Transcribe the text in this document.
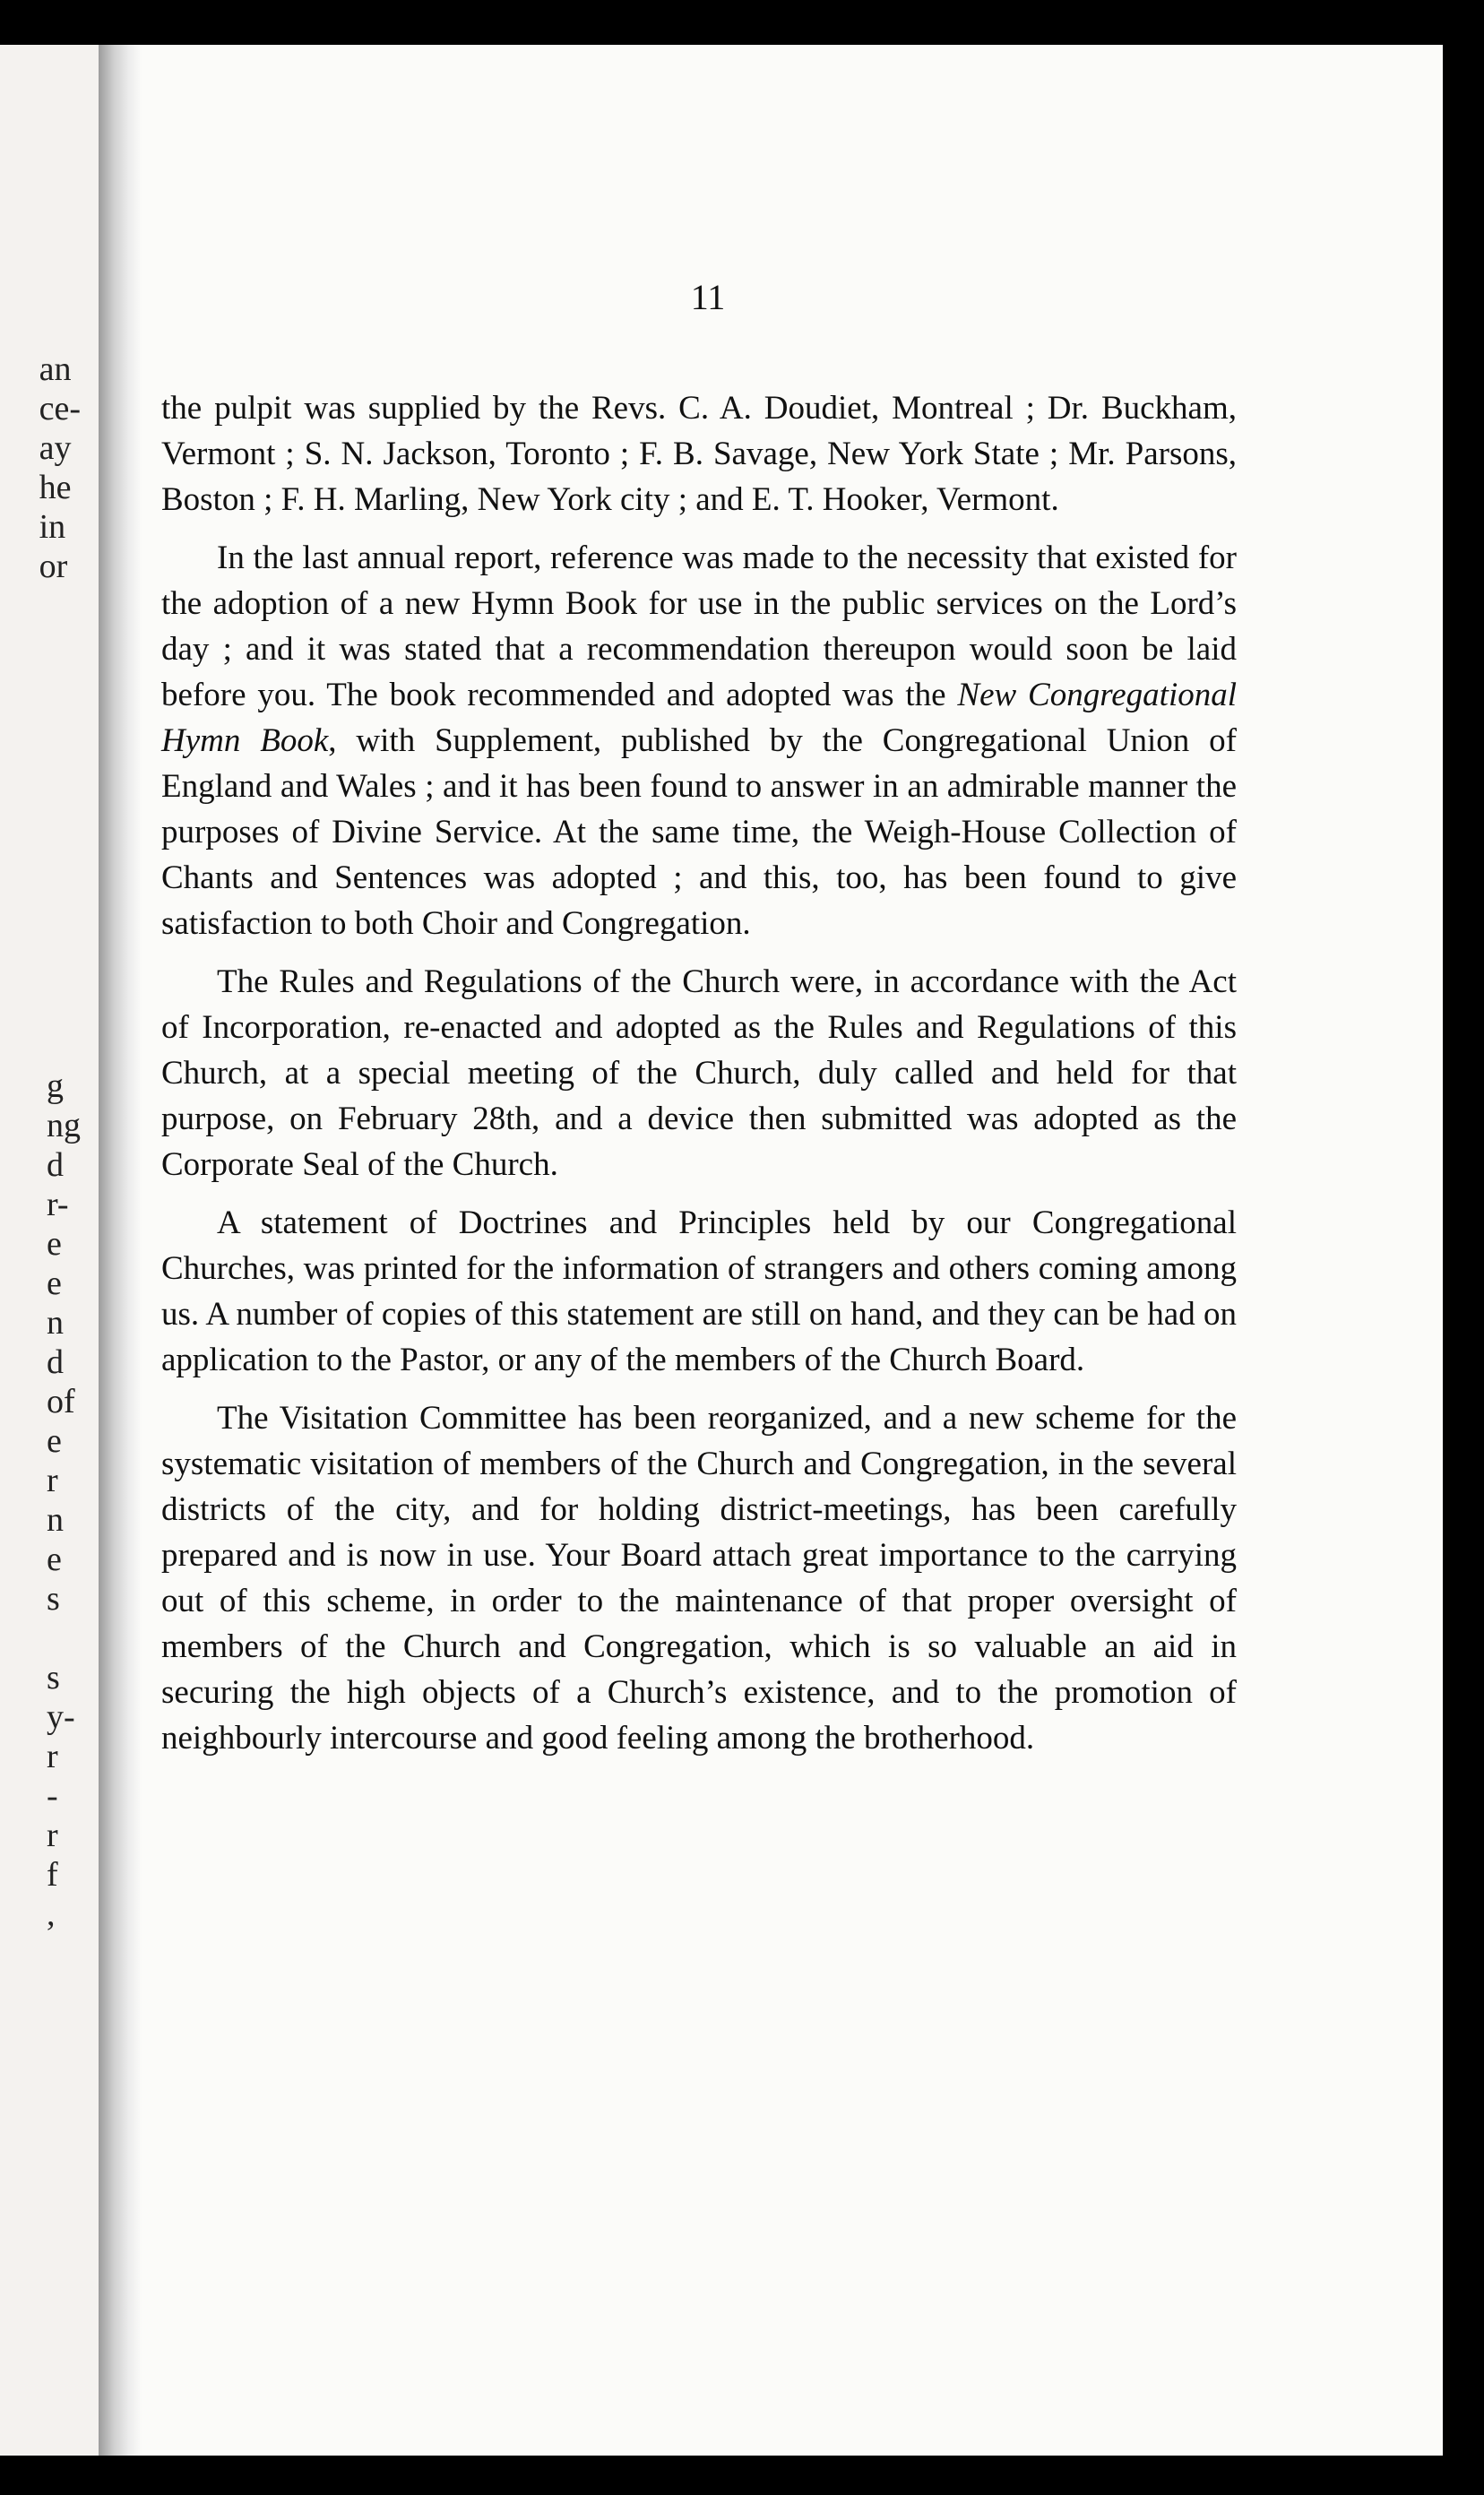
an
ce-
ay
he
in
or
g
ng
d
r-
e
e
n
d
of
e
r
n
e
s

s
y-
r
-
r
f
,
11

the pulpit was supplied by the Revs. C. A. Doudiet, Montreal ; Dr. Buckham, Vermont ; S. N. Jackson, Toronto ; F. B. Savage, New York State ; Mr. Parsons, Boston ; F. H. Marling, New York city ; and E. T. Hooker, Vermont.

In the last annual report, reference was made to the necessity that existed for the adoption of a new Hymn Book for use in the public services on the Lord’s day ; and it was stated that a recommendation thereupon would soon be laid before you. The book recommended and adopted was the New Congregational Hymn Book, with Supplement, published by the Congregational Union of England and Wales ; and it has been found to answer in an admirable manner the purposes of Divine Service. At the same time, the Weigh-House Collection of Chants and Sentences was adopted ; and this, too, has been found to give satisfaction to both Choir and Congregation.

The Rules and Regulations of the Church were, in accordance with the Act of Incorporation, re-enacted and adopted as the Rules and Regulations of this Church, at a special meeting of the Church, duly called and held for that purpose, on February 28th, and a device then submitted was adopted as the Corporate Seal of the Church.

A statement of Doctrines and Principles held by our Congregational Churches, was printed for the information of strangers and others coming among us. A number of copies of this statement are still on hand, and they can be had on application to the Pastor, or any of the members of the Church Board.

The Visitation Committee has been reorganized, and a new scheme for the systematic visitation of members of the Church and Congregation, in the several districts of the city, and for holding district-meetings, has been carefully prepared and is now in use. Your Board attach great importance to the carrying out of this scheme, in order to the maintenance of that proper oversight of members of the Church and Congregation, which is so valuable an aid in securing the high objects of a Church’s existence, and to the promotion of neighbourly intercourse and good feeling among the brotherhood.
